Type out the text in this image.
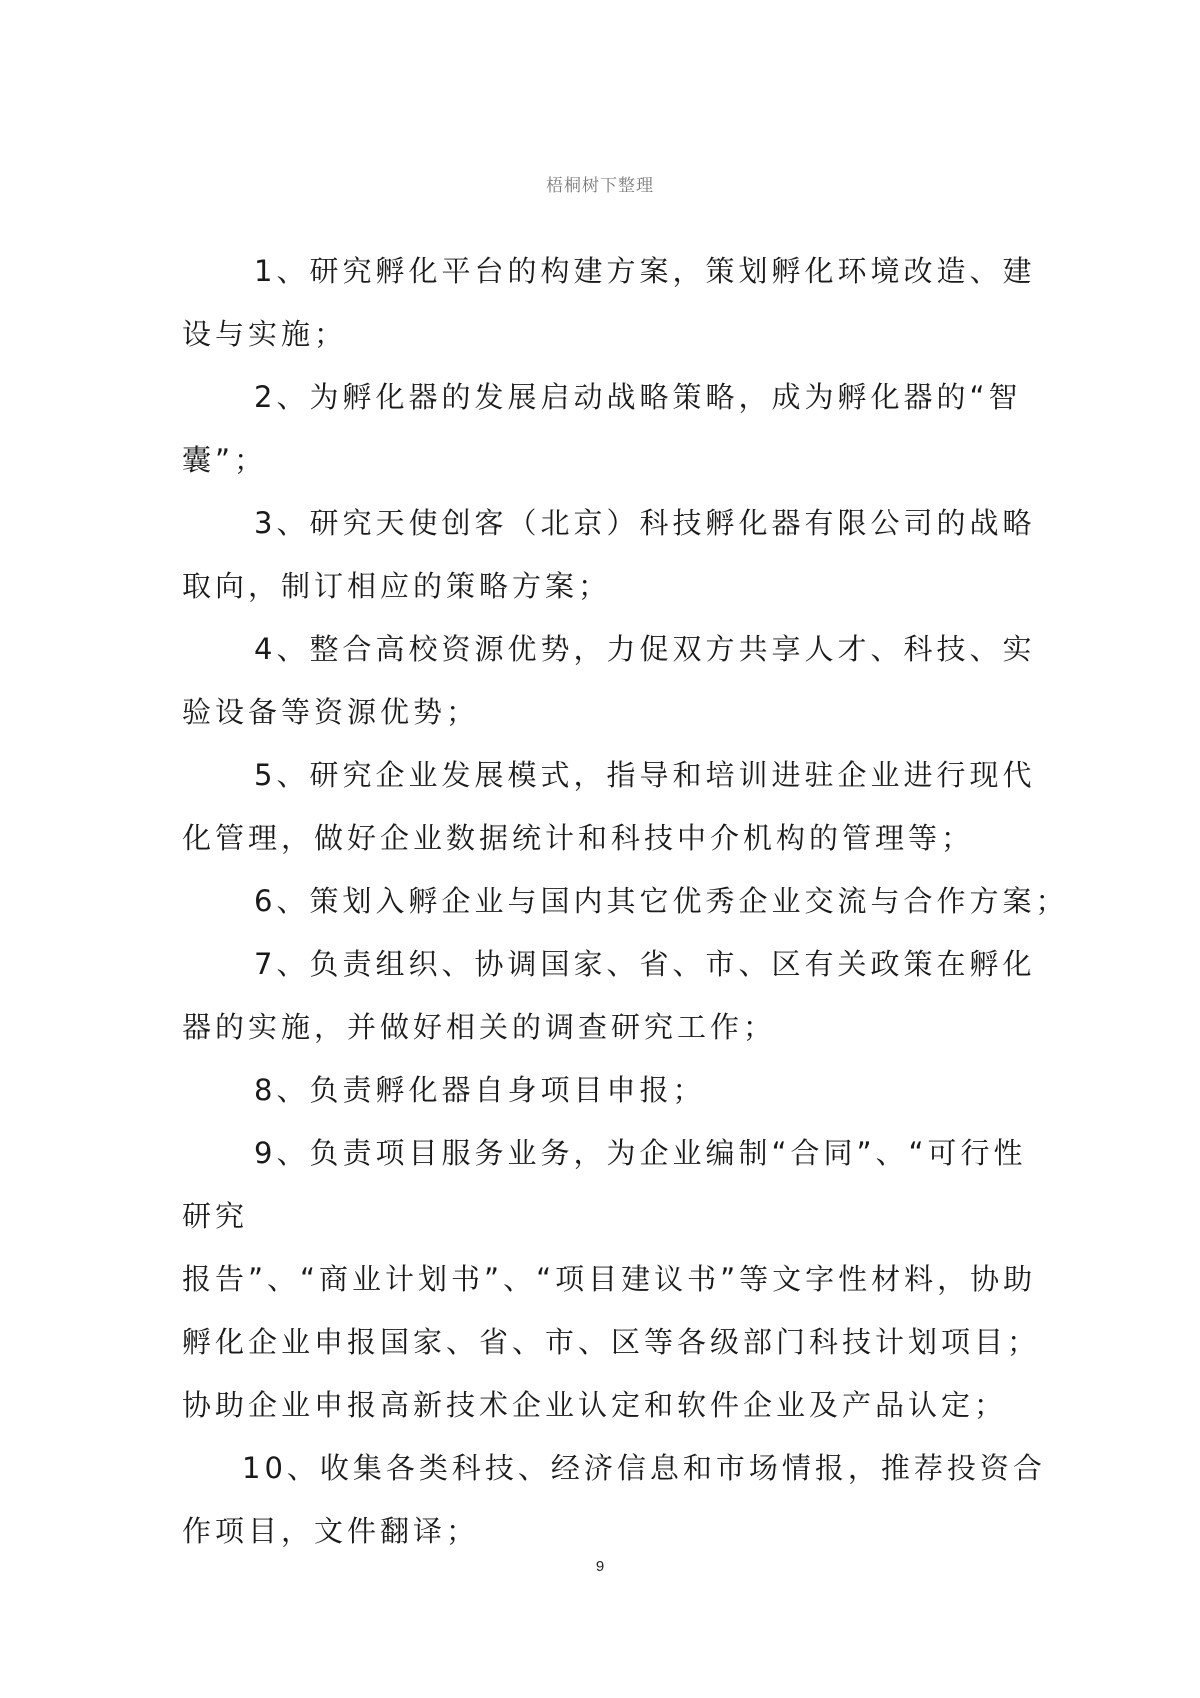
梧桐树下整理

1、研究孵化平台的构建方案，策划孵化环境改造、建

设与实施；

2、为孵化器的发展启动战略策略，成为孵化器的“智

囊”；

3、研究天使创客（北京）科技孵化器有限公司的战略

取向，制订相应的策略方案；

4、整合高校资源优势，力促双方共享人才、科技、实

验设备等资源优势；

5、研究企业发展模式，指导和培训进驻企业进行现代

化管理，做好企业数据统计和科技中介机构的管理等；

6、策划入孵企业与国内其它优秀企业交流与合作方案；

7、负责组织、协调国家、省、市、区有关政策在孵化

器的实施，并做好相关的调查研究工作；

8、负责孵化器自身项目申报；

9、负责项目服务业务，为企业编制“合同”、“可行性

研究

报告”、“商业计划书”、“项目建议书”等文字性材料，协助

孵化企业申报国家、省、市、区等各级部门科技计划项目；

协助企业申报高新技术企业认定和软件企业及产品认定；

10、收集各类科技、经济信息和市场情报，推荐投资合

作项目，文件翻译；

9
